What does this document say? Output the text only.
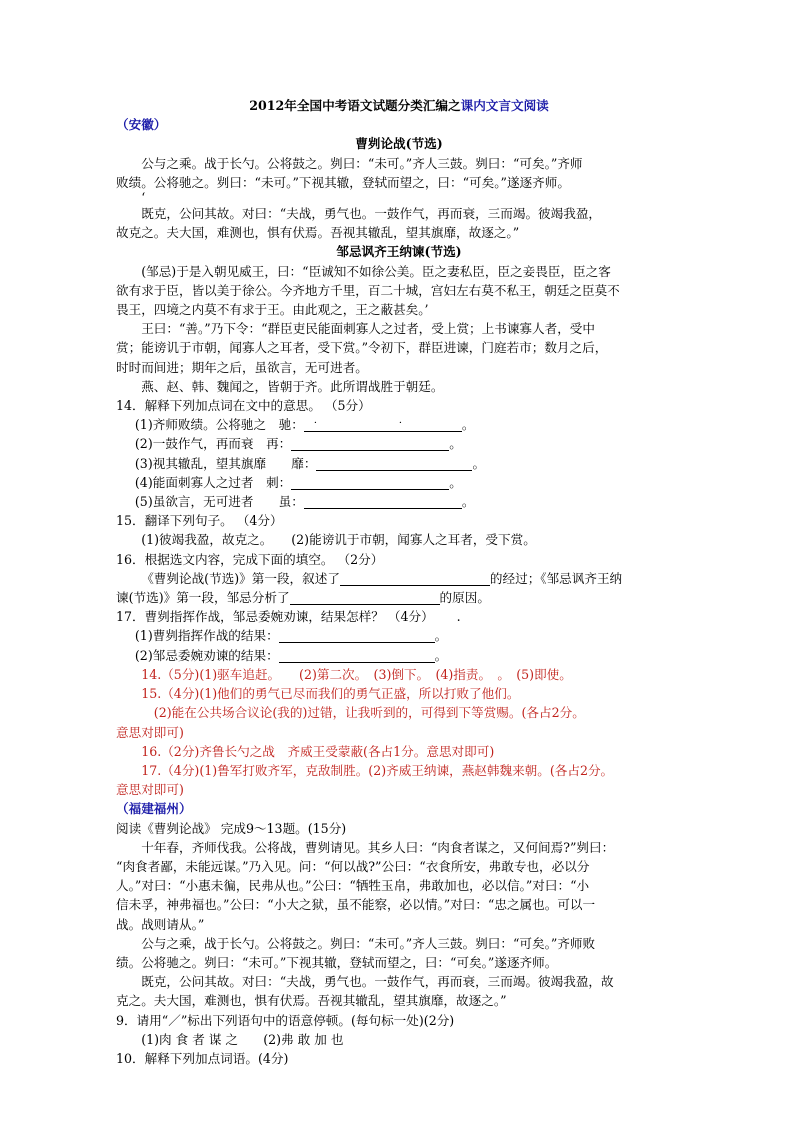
2012年全国中考语文试题分类汇编之课内文言文阅读

（安徽）
曹刿论战(节选)

公与之乘。战于长勺。公将鼓之。刿曰：“未可。”齐人三鼓。刿曰：“可矣。”齐师

败绩。公将驰之。刿曰：“未可。”下视其辙，登轼而望之，曰：“可矣。”遂逐齐师。

‘

既克，公问其故。对曰：“夫战，勇气也。一鼓作气，再而衰，三而竭。彼竭我盈，

故克之。夫大国，难测也，惧有伏焉。吾视其辙乱，望其旗靡，故逐之。”

邹忌讽齐王纳谏(节选)

(邹忌)于是入朝见威王，曰：“臣诚知不如徐公美。臣之妻私臣，臣之妾畏臣，臣之客

欲有求于臣，皆以美于徐公。今齐地方千里，百二十城，宫妇左右莫不私王，朝廷之臣莫不

畏王，四境之内莫不有求于王。由此观之，王之蔽甚矣。’

王曰：“善。”乃下令：“群臣吏民能面刺寡人之过者，受上赏；上书谏寡人者，受中

赏；能谤讥于市朝，闻寡人之耳者，受下赏。”令初下，群臣进谏，门庭若市；数月之后，

时时而间进；期年之后，虽欲言，无可进者。

燕、赵、韩、魏闻之，皆朝于齐。此所谓战胜于朝廷。

14．解释下列加点词在文中的意思。 （5分）

(1)齐师败绩。公将驰之　驰： ．　　　　　　　　．	。

(2)一鼓作气，再而衰　再：	。

(3)视其辙乱，望其旗靡　　靡：	。

(4)能面刺寡人之过者　刺：	。

(5)虽欲言，无可进者　　虽：	。

15．翻译下列句子。 （4分）

(1)彼竭我盈，故克之。　　(2)能谤讥于市朝，闻寡人之耳者，受下赏。

16．根据选文内容，完成下面的填空。 （2分）

《曹刿论战(节选)》第一段，叙述了	的经过；《邹忌讽齐王纳

谏(节选)》第一段，邹忌分析了	的原因。

17．曹刿指挥作战，邹忌委婉劝谏，结果怎样？ （4分）　　 .

(1)曹刿指挥作战的结果：	。

(2)邹忌委婉劝谏的结果：	。

14.（5分)(1)驱车追赶。　　(2)第二次。　(3)倒下。　(4)指责。　。　(5)即使。

15.（4分)(1)他们的勇气已尽而我们的勇气正盛，所以打败了他们。

(2)能在公共场合议论(我的)过错，让我听到的，可得到下等赏赐。(各占2分。

意思对即可)

16.（2分)齐鲁长勺之战　齐威王受蒙蔽(各占1分。意思对即可)

17.（4分)(1)鲁军打败齐军，克敌制胜。(2)齐威王纳谏，燕赵韩魏来朝。(各占2分。

意思对即可)

（福建福州）

阅读《曹刿论战》 完成9～13题。(15分)

十年春，齐师伐我。公将战，曹刿请见。其乡人曰：“肉食者谋之，又何间焉?”刿曰：

“肉食者鄙，未能远谋。”乃入见。问：“何以战?”公曰：“衣食所安，弗敢专也，必以分

人。”对曰：“小惠未徧，民弗从也。”公曰：“牺牲玉帛，弗敢加也，必以信。”对曰：“小

信未孚，神弗福也。”公曰：“小大之狱，虽不能察，必以情。”对曰：“忠之属也。可以一

战。战则请从。”

公与之乘，战于长勺。公将鼓之。刿曰：“未可。”齐人三鼓。刿曰：“可矣。”齐师败

绩。公将驰之。刿曰：“未可。”下视其辙，登轼而望之，曰：“可矣。”遂逐齐师。

既克，公问其故。对曰：“夫战，勇气也。一鼓作气，再而衰，三而竭。彼竭我盈，故

克之。夫大国，难测也，惧有伏焉。吾视其辙乱，望其旗靡，故逐之。”

9．请用“／”标出下列语句中的语意停顿。(每句标一处)(2分)

(1)肉 食 者 谋 之　　(2)弗 敢 加 也

10．解释下列加点词语。(4分)
